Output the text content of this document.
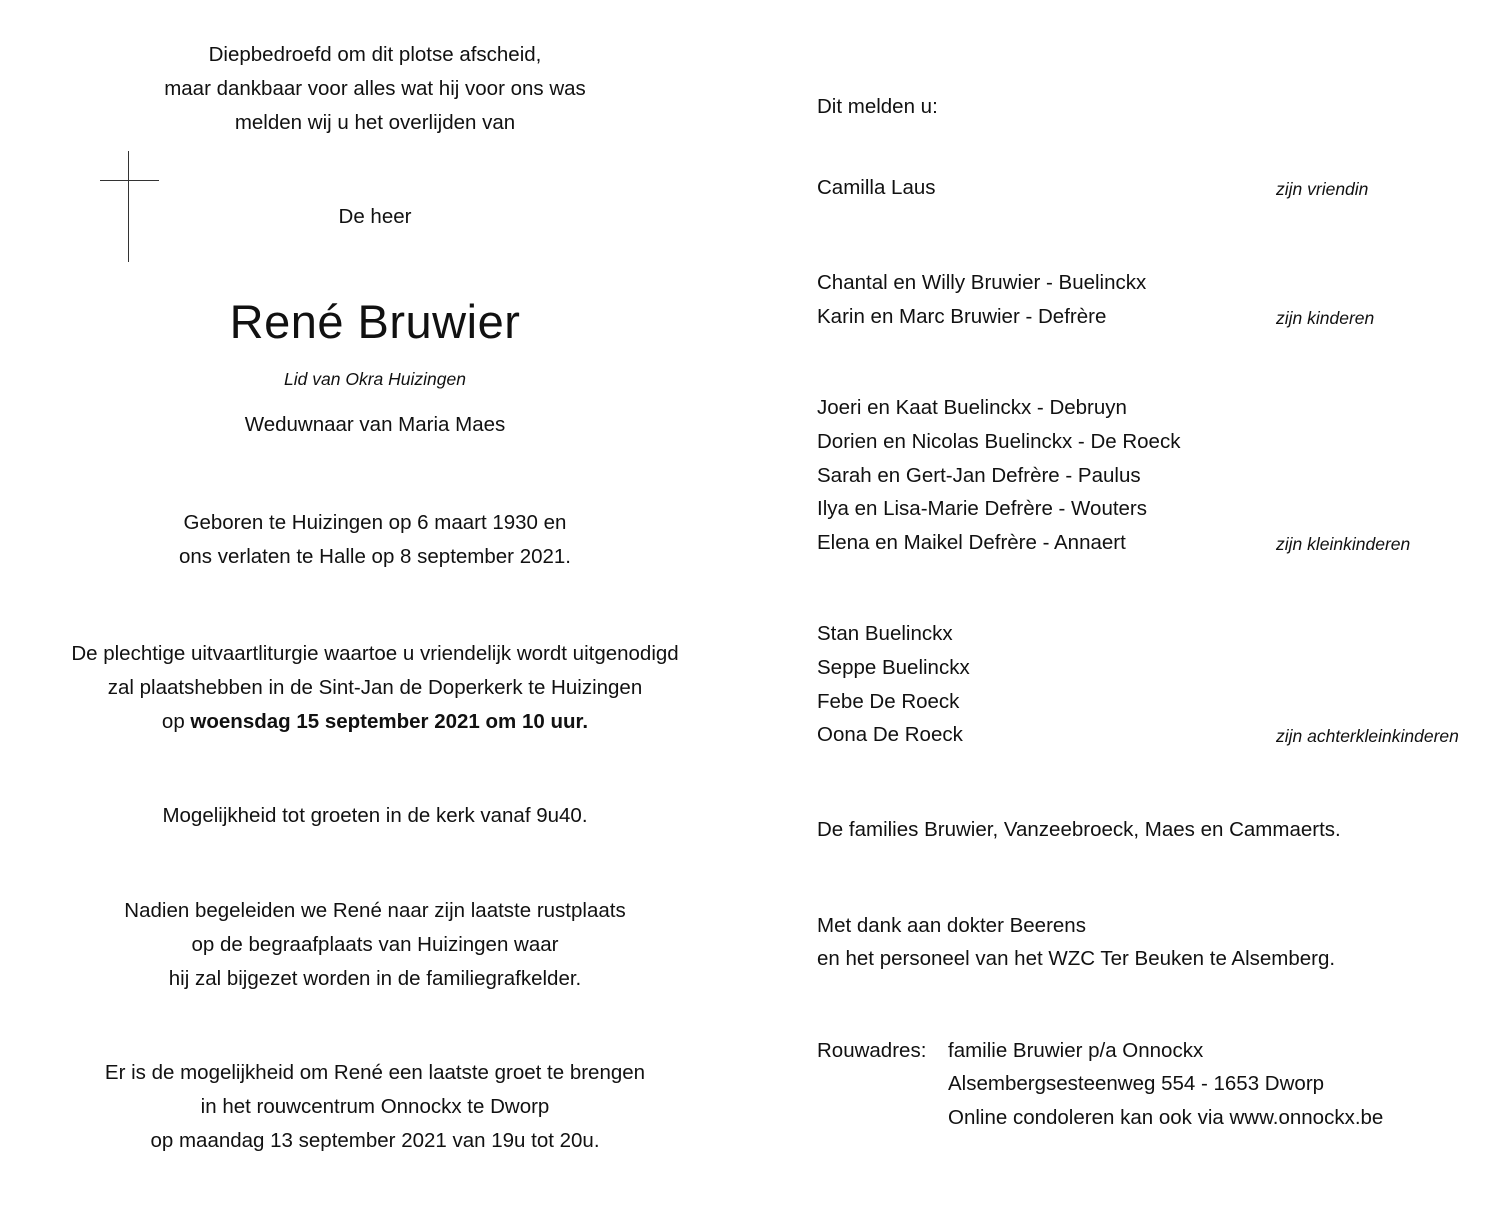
Diepbedroefd om dit plotse afscheid,
maar dankbaar voor alles wat hij voor ons was
melden wij u het overlijden van
De heer
René Bruwier
Lid van Okra Huizingen
Weduwnaar van Maria Maes
Geboren te Huizingen op 6 maart 1930 en
ons verlaten te Halle op 8 september 2021.
De plechtige uitvaartliturgie waartoe u vriendelijk wordt uitgenodigd
zal plaatshebben in de Sint-Jan de Doperkerk te Huizingen
op woensdag 15 september 2021 om 10 uur.
Mogelijkheid tot groeten in de kerk vanaf 9u40.
Nadien begeleiden we René naar zijn laatste rustplaats
op de begraafplaats van Huizingen waar
hij zal bijgezet worden in de familiegrafkelder.
Er is de mogelijkheid om René een laatste groet te brengen
in het rouwcentrum Onnockx te Dworp
op maandag 13 september 2021 van 19u tot 20u.
Dit melden u:
Camilla Laus	zijn vriendin
Chantal en Willy Bruwier - Buelinckx
Karin en Marc Bruwier - Defrère	zijn kinderen
Joeri en Kaat Buelinckx - Debruyn
Dorien en Nicolas Buelinckx - De Roeck
Sarah en Gert-Jan Defrère - Paulus
Ilya en Lisa-Marie Defrère - Wouters
Elena en Maikel Defrère - Annaert	zijn kleinkinderen
Stan Buelinckx
Seppe Buelinckx
Febe De Roeck
Oona De Roeck	zijn achterkleinkinderen
De families Bruwier, Vanzeebroeck, Maes en Cammaerts.
Met dank aan dokter Beerens
en het personeel van het WZC Ter Beuken te Alsemberg.
Rouwadres: familie Bruwier p/a Onnockx
Alsembergsesteenweg 554 - 1653 Dworp
Online condoleren kan ook via www.onnockx.be
